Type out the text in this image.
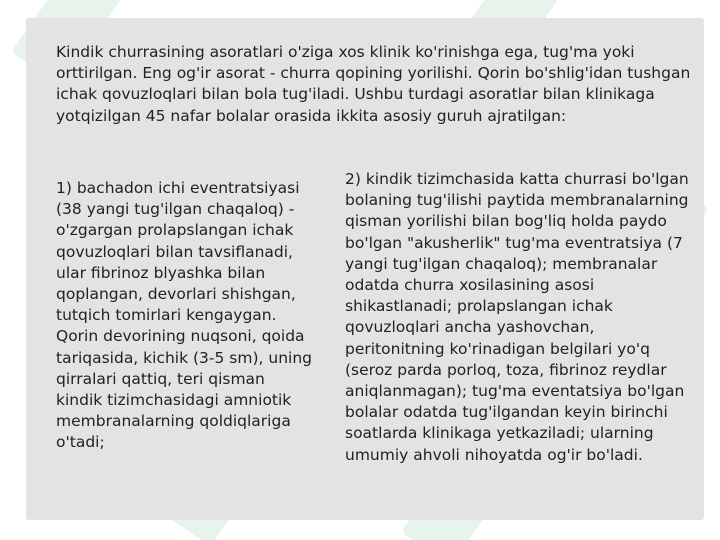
Kindik churrasining asoratlari o'ziga xos klinik ko'rinishga ega, tug'ma yoki orttirilgan. Eng og'ir asorat - churra qopining yorilishi. Qorin bo'shlig'idan tushgan ichak qovuzloqlari bilan bola tug'iladi. Ushbu turdagi asoratlar bilan klinikaga yotqizilgan 45 nafar bolalar orasida ikkita asosiy guruh ajratilgan:

1) bachadon ichi eventratsiyasi (38 yangi tug'ilgan chaqaloq) - o'zgargan prolapslangan ichak qovuzloqlari bilan tavsiflanadi, ular fibrinoz blyashka bilan qoplangan, devorlari shishgan, tutqich tomirlari kengaygan. Qorin devorining nuqsoni, qoida tariqasida, kichik (3-5 sm), uning qirralari qattiq, teri qisman kindik tizimchasidagi amniotik membranalarning qoldiqlariga o'tadi;

2) kindik tizimchasida katta churrasi bo'lgan bolaning tug'ilishi paytida membranalarning qisman yorilishi bilan bog'liq holda paydo bo'lgan "akusherlik" tug'ma eventratsiya (7 yangi tug'ilgan chaqaloq); membranalar odatda churra xosilasining asosi shikastlanadi; prolapslangan ichak qovuzloqlari ancha yashovchan, peritonitning ko'rinadigan belgilari yo'q (seroz parda porloq, toza, fibrinoz reydlar aniqlanmagan); tug'ma eventatsiya bo'lgan bolalar odatda tug'ilgandan keyin birinchi soatlarda klinikaga yetkaziladi; ularning umumiy ahvoli nihoyatda og'ir bo'ladi.
